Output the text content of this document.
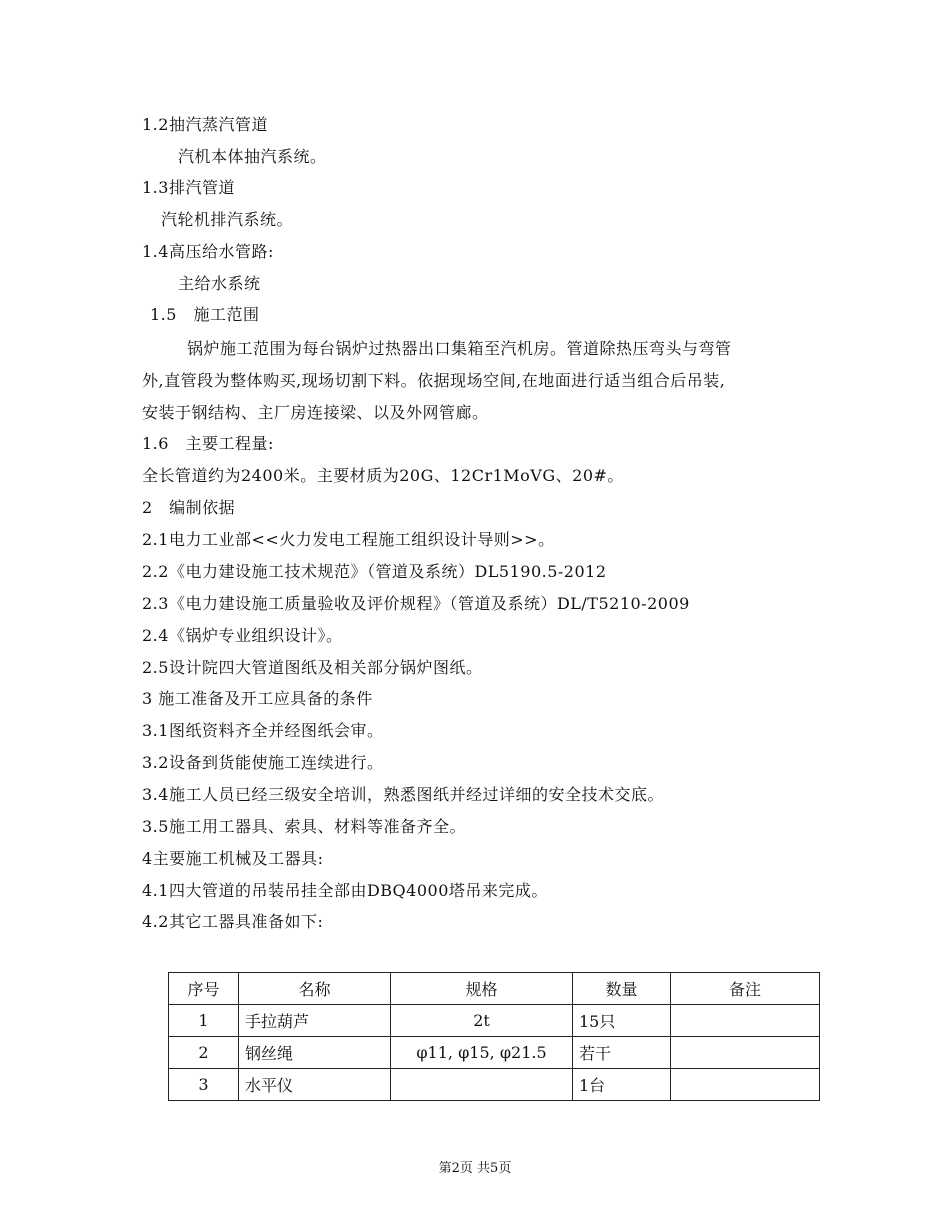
1.2抽汽蒸汽管道
汽机本体抽汽系统。
1.3排汽管道
汽轮机排汽系统。
1.4高压给水管路:
主给水系统
1.5　施工范围
锅炉施工范围为每台锅炉过热器出口集箱至汽机房。管道除热压弯头与弯管
外,直管段为整体购买,现场切割下料。依据现场空间,在地面进行适当组合后吊装,
安装于钢结构、主厂房连接梁、以及外网管廊。
1.6　主要工程量:
全长管道约为2400米。主要材质为20G、12Cr1MoVG、20#。
2　编制依据
2.1电力工业部<<火力发电工程施工组织设计导则>>。
2.2《电力建设施工技术规范》（管道及系统）DL5190.5-2012
2.3《电力建设施工质量验收及评价规程》（管道及系统）DL/T5210-2009
2.4《锅炉专业组织设计》。
2.5设计院四大管道图纸及相关部分锅炉图纸。
3 施工准备及开工应具备的条件
3.1图纸资料齐全并经图纸会审。
3.2设备到货能使施工连续进行。
3.4施工人员已经三级安全培训，熟悉图纸并经过详细的安全技术交底。
3.5施工用工器具、索具、材料等准备齐全。
4主要施工机械及工器具:
4.1四大管道的吊装吊挂全部由DBQ4000塔吊来完成。
4.2其它工器具准备如下:
序号	名称	规格	数量	备注
1	手拉葫芦	2t	15只	
2	钢丝绳	φ11, φ15, φ21.5	若干	
3	水平仪		1台	
第2页 共5页
